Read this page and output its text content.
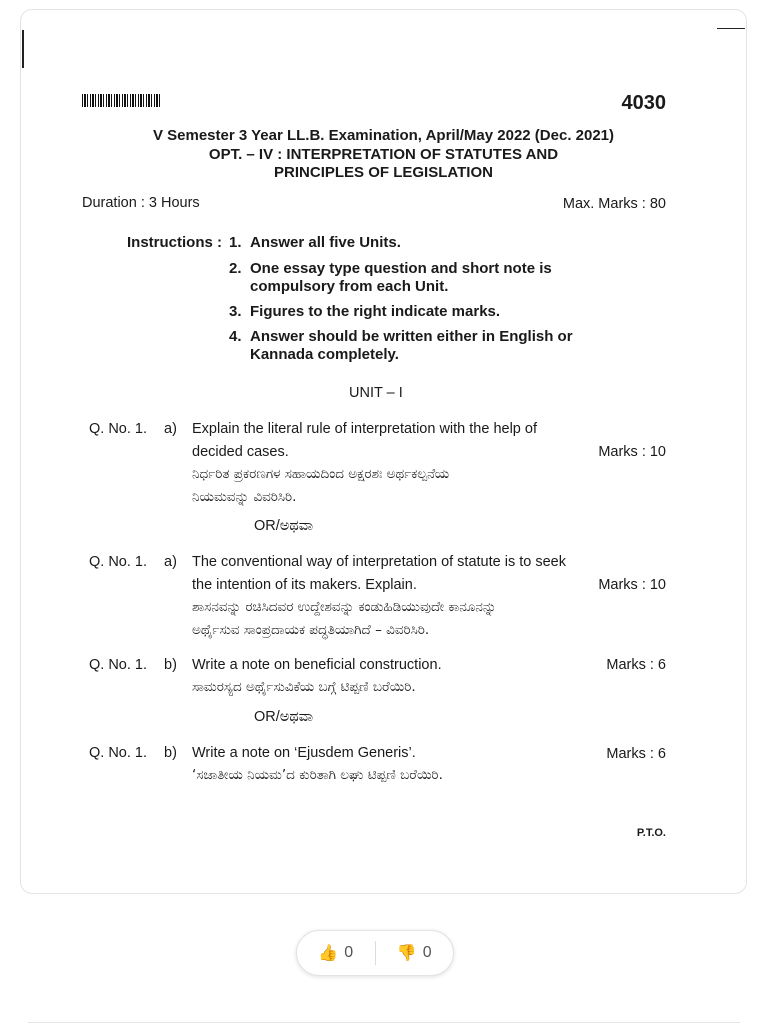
4030
V Semester 3 Year LL.B. Examination, April/May 2022 (Dec. 2021)
OPT. – IV : INTERPRETATION OF STATUTES AND
PRINCIPLES OF LEGISLATION
Duration : 3 Hours	Max. Marks : 80
Instructions : 1. Answer all five Units.
2. One essay type question and short note is
compulsory from each Unit.
3. Figures to the right indicate marks.
4. Answer should be written either in English or
Kannada completely.
UNIT – I
Q. No. 1. a) Explain the literal rule of interpretation with the help of
decided cases.	Marks : 10
ನಿರ್ಧರಿತ ಪ್ರಕರಣಗಳ ಸಹಾಯದಿಂದ ಅಕ್ಷರಶಃ ಅರ್ಥಕಲ್ಪನೆಯ
ನಿಯಮವನ್ನು ವಿವರಿಸಿರಿ.
OR/ಅಥವಾ
Q. No. 1. a) The conventional way of interpretation of statute is to seek
the intention of its makers. Explain.	Marks : 10
ಶಾಸನವನ್ನು ರಚಿಸಿದವರ ಉದ್ದೇಶವನ್ನು ಕಂಡುಹಿಡಿಯುವುದೇ ಕಾನೂನನ್ನು
ಅರ್ಥೈಸುವ ಸಾಂಪ್ರದಾಯಕ ಪದ್ಧತಿಯಾಗಿದೆ – ವಿವರಿಸಿರಿ.
Q. No. 1. b) Write a note on beneficial construction.	Marks : 6
ಸಾಮರಸ್ಯದ ಅರ್ಥೈಸುವಿಕೆಯ ಬಗ್ಗೆ ಟಿಪ್ಪಣಿ ಬರೆಯಿರಿ.
OR/ಅಥವಾ
Q. No. 1. b) Write a note on ‘Ejusdem Generis’.	Marks : 6
‘ಸಜಾತೀಯ ನಿಯಮ’ದ ಕುರಿತಾಗಿ ಲಘು ಟಿಪ್ಪಣಿ ಬರೆಯಿರಿ.
P.T.O.
👍 0	👎 0
